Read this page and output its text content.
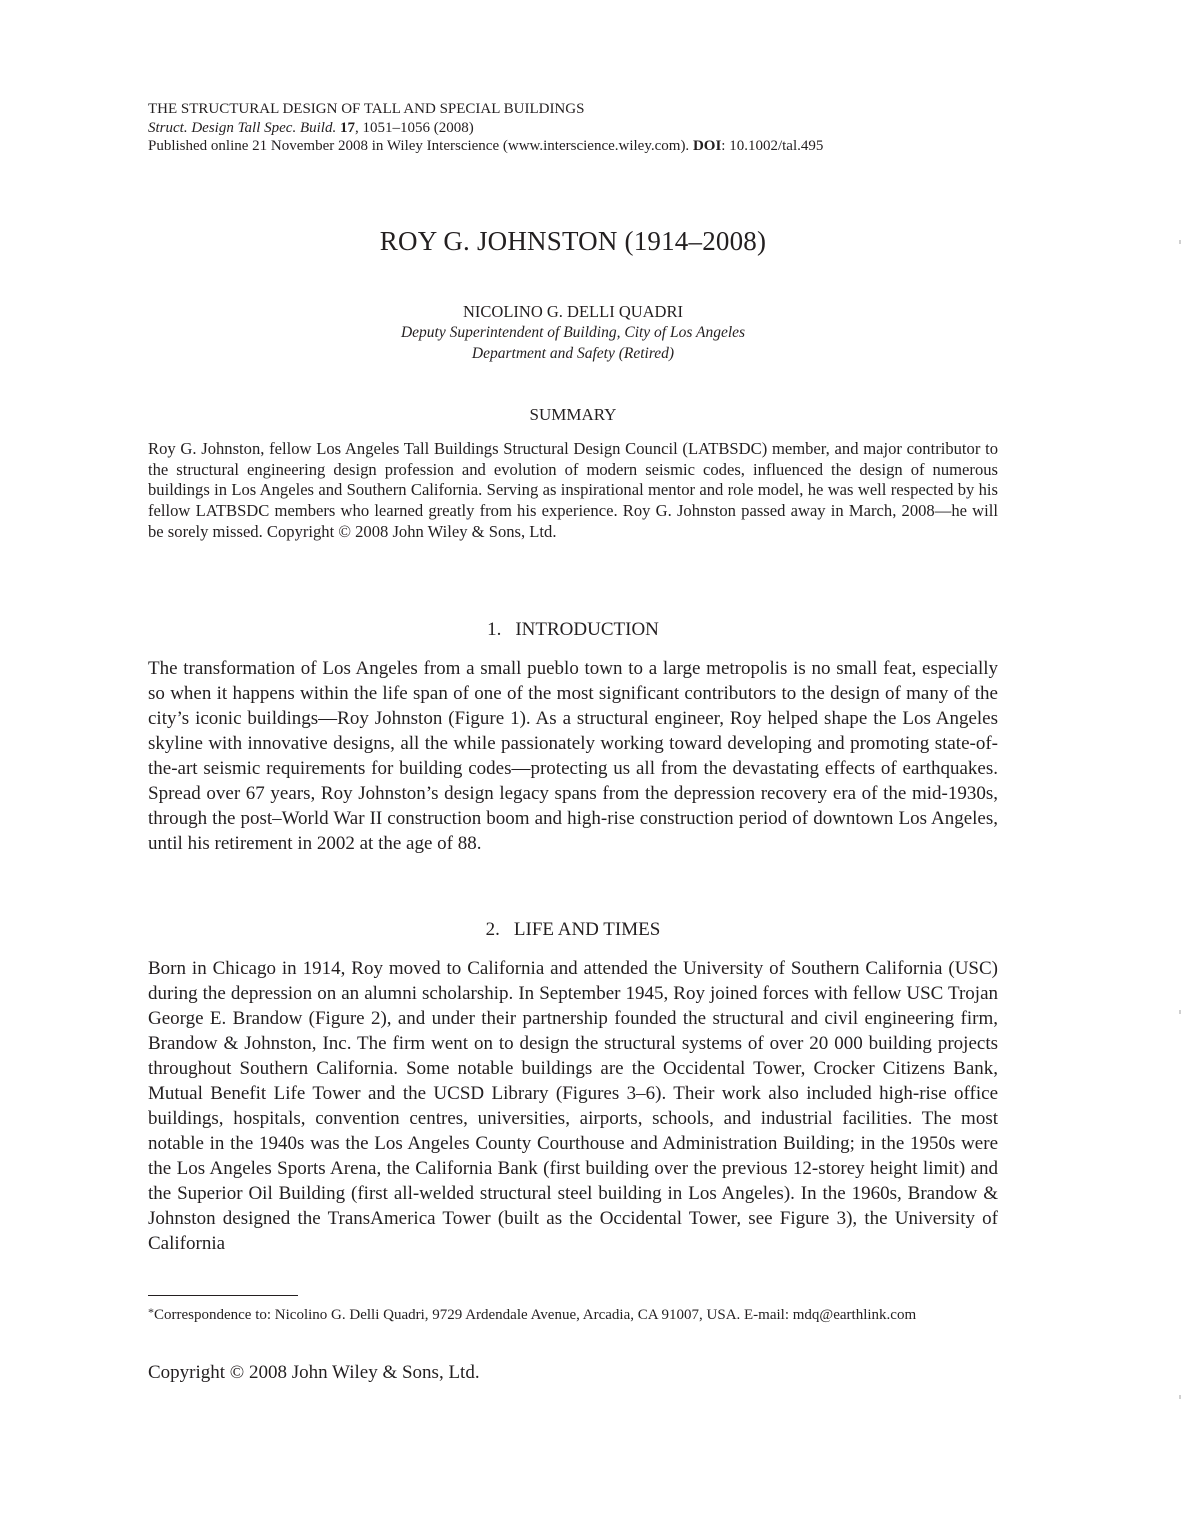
THE STRUCTURAL DESIGN OF TALL AND SPECIAL BUILDINGS
Struct. Design Tall Spec. Build. 17, 1051–1056 (2008)
Published online 21 November 2008 in Wiley Interscience (www.interscience.wiley.com). DOI: 10.1002/tal.495
ROY G. JOHNSTON (1914–2008)
NICOLINO G. DELLI QUADRI
Deputy Superintendent of Building, City of Los Angeles
Department and Safety (Retired)
SUMMARY

Roy G. Johnston, fellow Los Angeles Tall Buildings Structural Design Council (LATBSDC) member, and major contributor to the structural engineering design profession and evolution of modern seismic codes, influenced the design of numerous buildings in Los Angeles and Southern California. Serving as inspirational mentor and role model, he was well respected by his fellow LATBSDC members who learned greatly from his experience. Roy G. Johnston passed away in March, 2008—he will be sorely missed. Copyright © 2008 John Wiley & Sons, Ltd.

1. INTRODUCTION

The transformation of Los Angeles from a small pueblo town to a large metropolis is no small feat, especially so when it happens within the life span of one of the most significant contributors to the design of many of the city’s iconic buildings—Roy Johnston (Figure 1). As a structural engineer, Roy helped shape the Los Angeles skyline with innovative designs, all the while passionately working toward developing and promoting state-of-the-art seismic requirements for building codes—protecting us all from the devastating effects of earthquakes. Spread over 67 years, Roy Johnston’s design legacy spans from the depression recovery era of the mid-1930s, through the post–World War II construction boom and high-rise construction period of downtown Los Angeles, until his retirement in 2002 at the age of 88.

2. LIFE AND TIMES

Born in Chicago in 1914, Roy moved to California and attended the University of Southern California (USC) during the depression on an alumni scholarship. In September 1945, Roy joined forces with fellow USC Trojan George E. Brandow (Figure 2), and under their partnership founded the structural and civil engineering firm, Brandow & Johnston, Inc. The firm went on to design the structural systems of over 20 000 building projects throughout Southern California. Some notable buildings are the Occidental Tower, Crocker Citizens Bank, Mutual Benefit Life Tower and the UCSD Library (Figures 3–6). Their work also included high-rise office buildings, hospitals, convention centres, universities, airports, schools, and industrial facilities. The most notable in the 1940s was the Los Angeles County Courthouse and Administration Building; in the 1950s were the Los Angeles Sports Arena, the California Bank (first building over the previous 12-storey height limit) and the Superior Oil Building (first all-welded structural steel building in Los Angeles). In the 1960s, Brandow & Johnston designed the TransAmerica Tower (built as the Occidental Tower, see Figure 3), the University of California

*Correspondence to: Nicolino G. Delli Quadri, 9729 Ardendale Avenue, Arcadia, CA 91007, USA. E-mail: mdq@earthlink.com

Copyright © 2008 John Wiley & Sons, Ltd.
